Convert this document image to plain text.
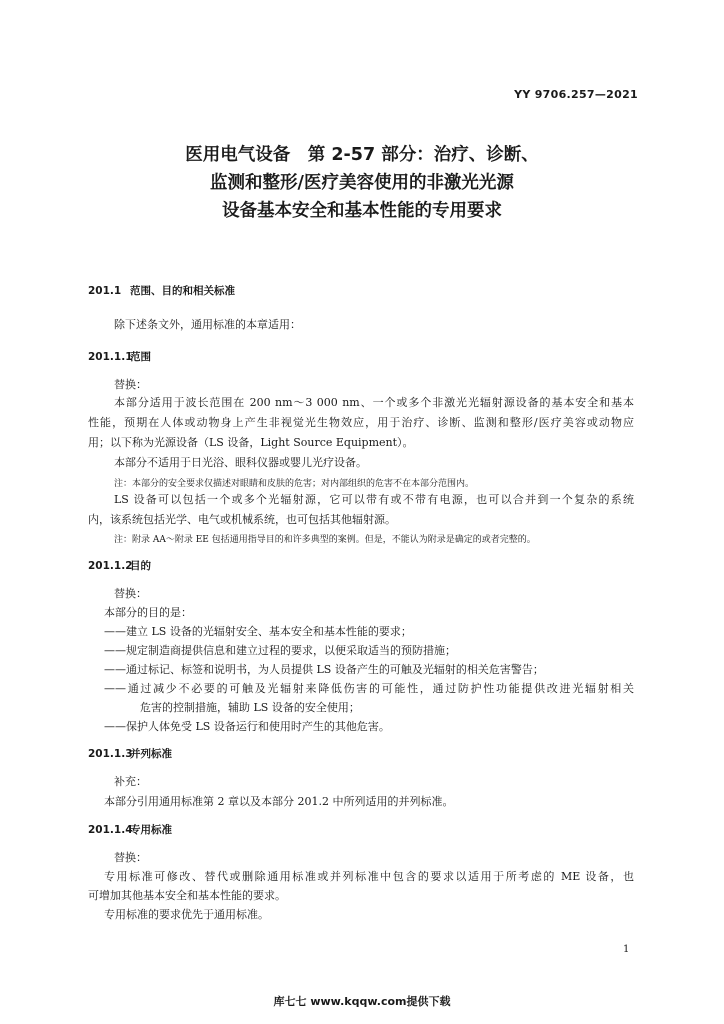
YY 9706.257—2021
医用电气设备　第 2-57 部分：治疗、诊断、
监测和整形/医疗美容使用的非激光光源
设备基本安全和基本性能的专用要求
201.1 范围、目的和相关标准
除下述条文外，通用标准的本章适用：
201.1.1范围
替换：
本部分适用于波长范围在 200 nm～3 000 nm、一个或多个非激光光辐射源设备的基本安全和基本
性能，预期在人体或动物身上产生非视觉光生物效应，用于治疗、诊断、监测和整形/医疗美容或动物应
用；以下称为光源设备（LS 设备，Light Source Equipment）。
本部分不适用于日光浴、眼科仪器或婴儿光疗设备。
注：本部分的安全要求仅描述对眼睛和皮肤的危害；对内部组织的危害不在本部分范围内。
LS 设备可以包括一个或多个光辐射源，它可以带有或不带有电源，也可以合并到一个复杂的系统
内，该系统包括光学、电气或机械系统，也可包括其他辐射源。
注：附录 AA～附录 EE 包括通用指导目的和许多典型的案例。但是，不能认为附录是确定的或者完整的。
201.1.2目的
替换：
本部分的目的是：
——建立 LS 设备的光辐射安全、基本安全和基本性能的要求；
——规定制造商提供信息和建立过程的要求，以便采取适当的预防措施；
——通过标记、标签和说明书，为人员提供 LS 设备产生的可触及光辐射的相关危害警告；
——通过减少不必要的可触及光辐射来降低伤害的可能性，通过防护性功能提供改进光辐射相关
危害的控制措施，辅助 LS 设备的安全使用；
——保护人体免受 LS 设备运行和使用时产生的其他危害。
201.1.3并列标准
补充：
本部分引用通用标准第 2 章以及本部分 201.2 中所列适用的并列标准。
201.1.4专用标准
替换：
专用标准可修改、替代或删除通用标准或并列标准中包含的要求以适用于所考虑的 ME 设备，也
可增加其他基本安全和基本性能的要求。
专用标准的要求优先于通用标准。
1
库七七 www.kqqw.com提供下载
